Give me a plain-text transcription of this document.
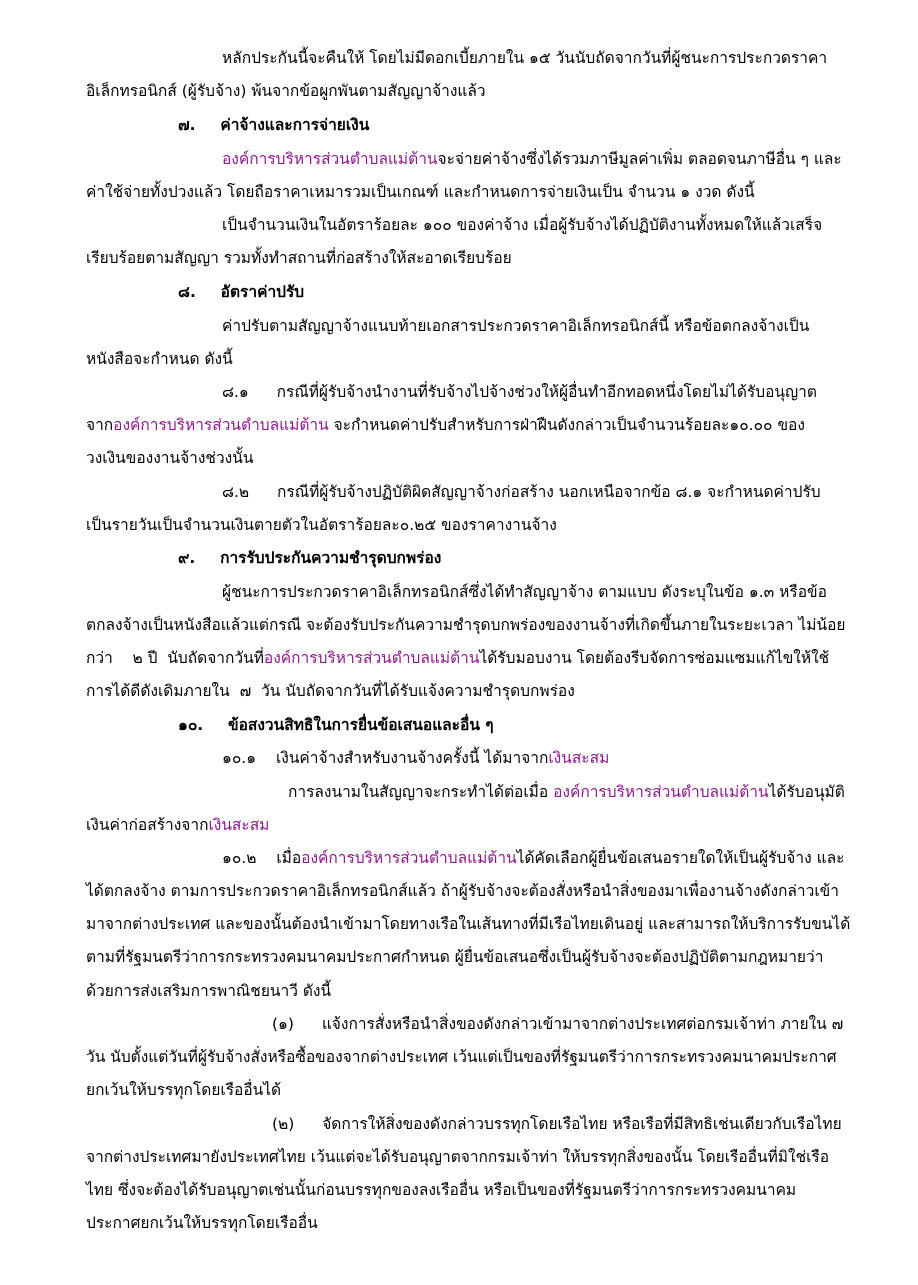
หลักประกันนี้จะคืนให้ โดยไม่มีดอกเบี้ยภายใน ๑๕ วันนับถัดจากวันที่ผู้ชนะการประกวดราคา
อิเล็กทรอนิกส์ (ผู้รับจ้าง) พ้นจากข้อผูกพันตามสัญญาจ้างแล้ว
๗. ค่าจ้างและการจ่ายเงิน
องค์การบริหารส่วนตำบลแม่ต้านจะจ่ายค่าจ้างซึ่งได้รวมภาษีมูลค่าเพิ่ม ตลอดจนภาษีอื่น ๆ และ
ค่าใช้จ่ายทั้งปวงแล้ว โดยถือราคาเหมารวมเป็นเกณฑ์ และกำหนดการจ่ายเงินเป็น จำนวน ๑ งวด ดังนี้
เป็นจำนวนเงินในอัตราร้อยละ ๑๐๐ ของค่าจ้าง เมื่อผู้รับจ้างได้ปฏิบัติงานทั้งหมดให้แล้วเสร็จ
เรียบร้อยตามสัญญา รวมทั้งทำสถานที่ก่อสร้างให้สะอาดเรียบร้อย
๘. อัตราค่าปรับ
ค่าปรับตามสัญญาจ้างแนบท้ายเอกสารประกวดราคาอิเล็กทรอนิกส์นี้ หรือข้อตกลงจ้างเป็น
หนังสือจะกำหนด ดังนี้
๘.๑ กรณีที่ผู้รับจ้างนำงานที่รับจ้างไปจ้างช่วงให้ผู้อื่นทำอีกทอดหนึ่งโดยไม่ได้รับอนุญาต
จากองค์การบริหารส่วนตำบลแม่ต้าน จะกำหนดค่าปรับสำหรับการฝ่าฝืนดังกล่าวเป็นจำนวนร้อยละ๑๐.๐๐ ของ
วงเงินของงานจ้างช่วงนั้น
๘.๒ กรณีที่ผู้รับจ้างปฏิบัติผิดสัญญาจ้างก่อสร้าง นอกเหนือจากข้อ ๘.๑ จะกำหนดค่าปรับ
เป็นรายวันเป็นจำนวนเงินตายตัวในอัตราร้อยละ๐.๒๕ ของราคางานจ้าง
๙. การรับประกันความชำรุดบกพร่อง
ผู้ชนะการประกวดราคาอิเล็กทรอนิกส์ซึ่งได้ทำสัญญาจ้าง ตามแบบ ดังระบุในข้อ ๑.๓ หรือข้อ
ตกลงจ้างเป็นหนังสือแล้วแต่กรณี จะต้องรับประกันความชำรุดบกพร่องของงานจ้างที่เกิดขึ้นภายในระยะเวลา ไม่น้อย
กว่า    ๒ ปี  นับถัดจากวันที่องค์การบริหารส่วนตำบลแม่ต้านได้รับมอบงาน โดยต้องรีบจัดการซ่อมแซมแก้ไขให้ใช้
การได้ดีดังเดิมภายใน  ๗  วัน นับถัดจากวันที่ได้รับแจ้งความชำรุดบกพร่อง
๑๐. ข้อสงวนสิทธิในการยื่นข้อเสนอและอื่น ๆ
๑๐.๑ เงินค่าจ้างสำหรับงานจ้างครั้งนี้ ได้มาจากเงินสะสม
การลงนามในสัญญาจะกระทำได้ต่อเมื่อ องค์การบริหารส่วนตำบลแม่ต้านได้รับอนุมัติ
เงินค่าก่อสร้างจากเงินสะสม
๑๐.๒ เมื่อองค์การบริหารส่วนตำบลแม่ต้านได้คัดเลือกผู้ยื่นข้อเสนอรายใดให้เป็นผู้รับจ้าง และ
ได้ตกลงจ้าง ตามการประกวดราคาอิเล็กทรอนิกส์แล้ว ถ้าผู้รับจ้างจะต้องสั่งหรือนำสิ่งของมาเพื่องานจ้างดังกล่าวเข้า
มาจากต่างประเทศ และของนั้นต้องนำเข้ามาโดยทางเรือในเส้นทางที่มีเรือไทยเดินอยู่ และสามารถให้บริการรับขนได้
ตามที่รัฐมนตรีว่าการกระทรวงคมนาคมประกาศกำหนด ผู้ยื่นข้อเสนอซึ่งเป็นผู้รับจ้างจะต้องปฏิบัติตามกฎหมายว่า
ด้วยการส่งเสริมการพาณิชยนาวี ดังนี้
(๑) แจ้งการสั่งหรือนำสิ่งของดังกล่าวเข้ามาจากต่างประเทศต่อกรมเจ้าท่า ภายใน ๗
วัน นับตั้งแต่วันที่ผู้รับจ้างสั่งหรือซื้อของจากต่างประเทศ เว้นแต่เป็นของที่รัฐมนตรีว่าการกระทรวงคมนาคมประกาศ
ยกเว้นให้บรรทุกโดยเรืออื่นได้
(๒) จัดการให้สิ่งของดังกล่าวบรรทุกโดยเรือไทย หรือเรือที่มีสิทธิเช่นเดียวกับเรือไทย
จากต่างประเทศมายังประเทศไทย เว้นแต่จะได้รับอนุญาตจากกรมเจ้าท่า ให้บรรทุกสิ่งของนั้น โดยเรืออื่นที่มิใช่เรือ
ไทย ซึ่งจะต้องได้รับอนุญาตเช่นนั้นก่อนบรรทุกของลงเรืออื่น หรือเป็นของที่รัฐมนตรีว่าการกระทรวงคมนาคม
ประกาศยกเว้นให้บรรทุกโดยเรืออื่น
